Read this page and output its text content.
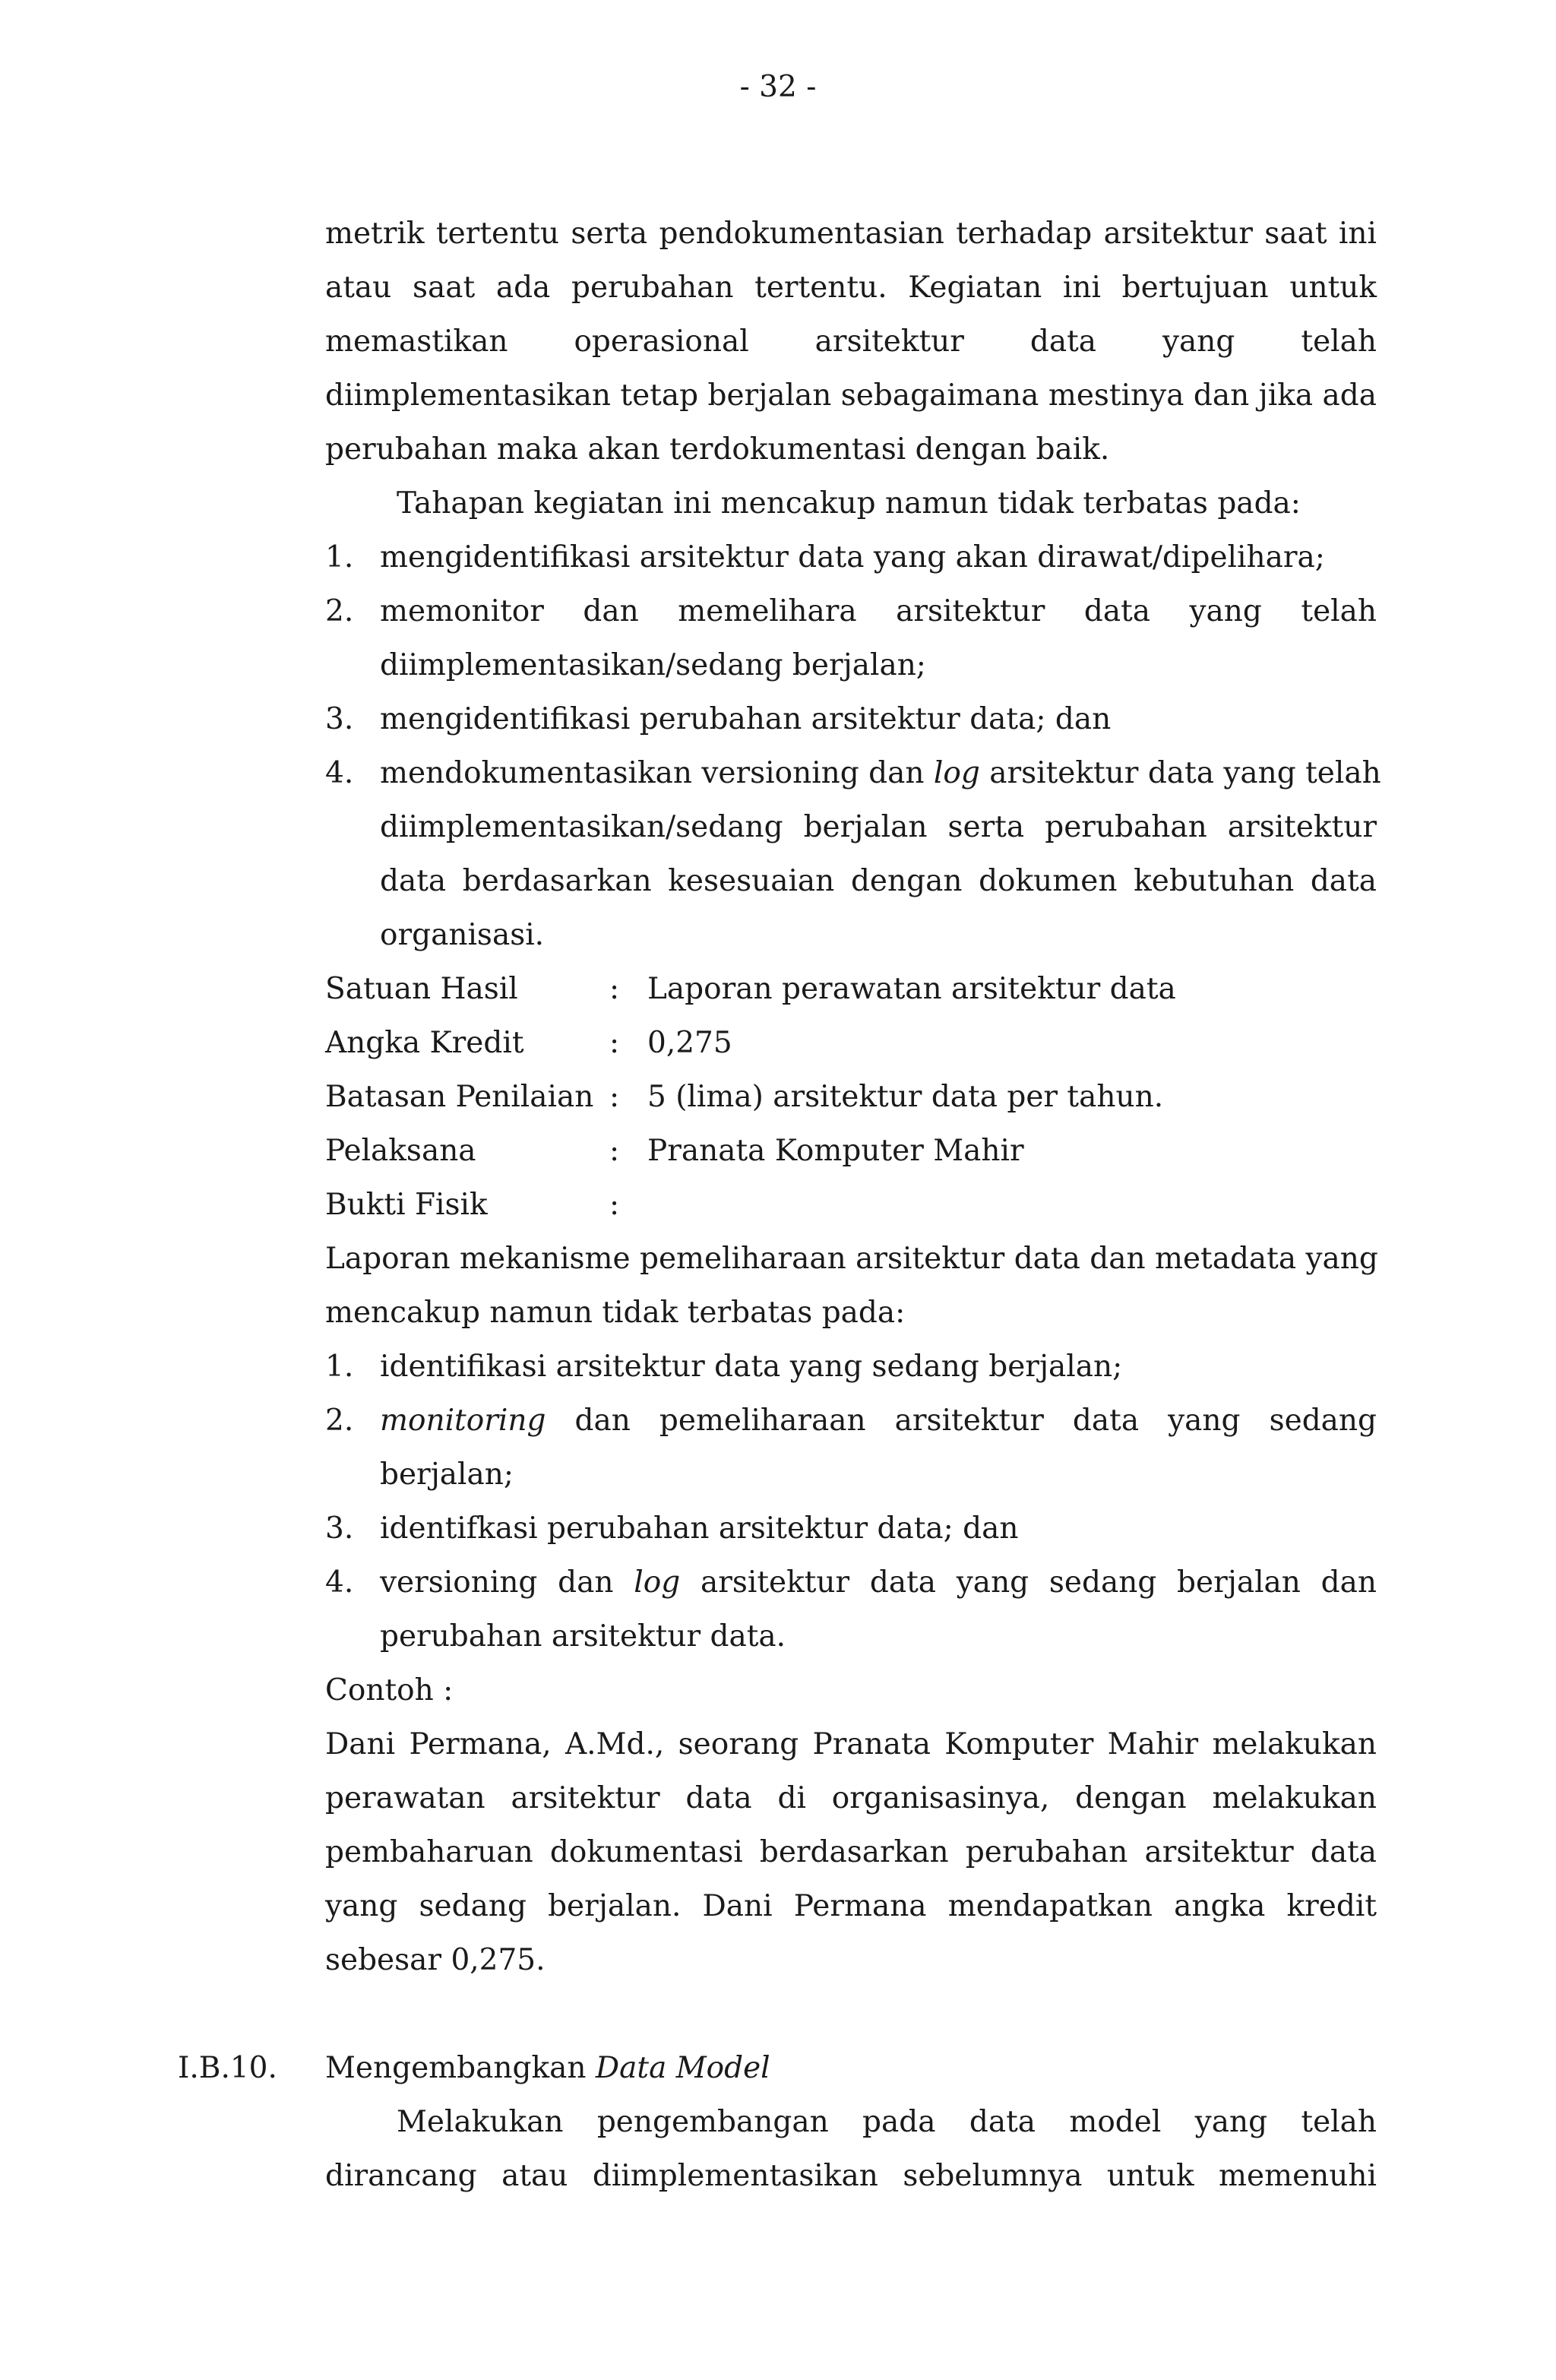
- 32 -
metrik tertentu serta pendokumentasian terhadap arsitektur saat ini
atau saat ada perubahan tertentu. Kegiatan ini bertujuan untuk
memastikan operasional arsitektur data yang telah
diimplementasikan tetap berjalan sebagaimana mestinya dan jika ada
perubahan maka akan terdokumentasi dengan baik.
Tahapan kegiatan ini mencakup namun tidak terbatas pada:
1. mengidentifikasi arsitektur data yang akan dirawat/dipelihara;
2. memonitor dan memelihara arsitektur data yang telah
diimplementasikan/sedang berjalan;
3. mengidentifikasi perubahan arsitektur data; dan
4. mendokumentasikan versioning dan log arsitektur data yang telah
diimplementasikan/sedang berjalan serta perubahan arsitektur
data berdasarkan kesesuaian dengan dokumen kebutuhan data
organisasi.
Satuan Hasil	: Laporan perawatan arsitektur data
Angka Kredit	: 0,275
Batasan Penilaian : 5 (lima) arsitektur data per tahun.
Pelaksana	: Pranata Komputer Mahir
Bukti Fisik	:
Laporan mekanisme pemeliharaan arsitektur data dan metadata yang
mencakup namun tidak terbatas pada:
1. identifikasi arsitektur data yang sedang berjalan;
2. monitoring dan pemeliharaan arsitektur data yang sedang
berjalan;
3. identifkasi perubahan arsitektur data; dan
4. versioning dan log arsitektur data yang sedang berjalan dan
perubahan arsitektur data.
Contoh :
Dani Permana, A.Md., seorang Pranata Komputer Mahir melakukan
perawatan arsitektur data di organisasinya, dengan melakukan
pembaharuan dokumentasi berdasarkan perubahan arsitektur data
yang sedang berjalan. Dani Permana mendapatkan angka kredit
sebesar 0,275.
I.B.10. Mengembangkan Data Model
Melakukan pengembangan pada data model yang telah
dirancang atau diimplementasikan sebelumnya untuk memenuhi
